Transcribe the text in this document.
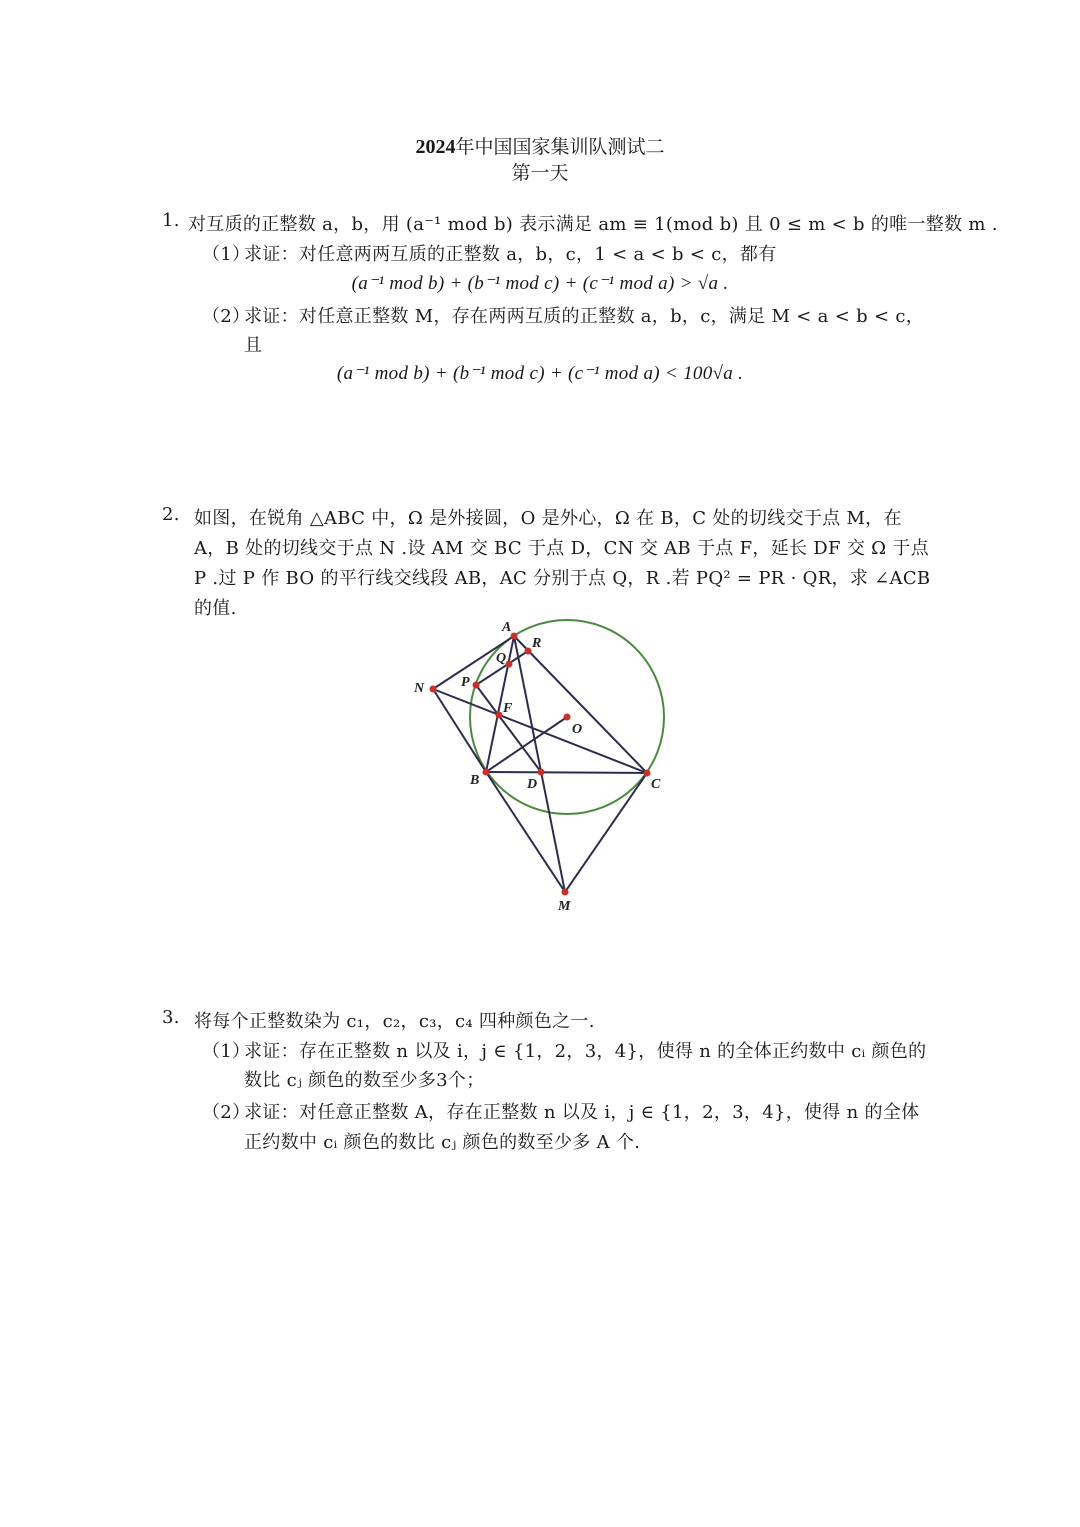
2024年中国国家集训队测试二
第一天
1. 对互质的正整数 a，b，用 (a⁻¹ mod b) 表示满足 am ≡ 1(mod b) 且 0 ≤ m < b 的唯一整数 m .
（1）
求证：对任意两两互质的正整数 a，b，c，1 < a < b < c，都有
(a⁻¹ mod b) + (b⁻¹ mod c) + (c⁻¹ mod a) > √a .
（2）
求证：对任意正整数 M，存在两两互质的正整数 a，b，c，满足 M < a < b < c，
且
(a⁻¹ mod b) + (b⁻¹ mod c) + (c⁻¹ mod a) < 100√a .
2. 如图，在锐角 △ABC 中，Ω 是外接圆，O 是外心，Ω 在 B，C 处的切线交于点 M，在
A，B 处的切线交于点 N .设 AM 交 BC 于点 D，CN 交 AB 于点 F，延长 DF 交 Ω 于点
P .过 P 作 BO 的平行线交线段 AB，AC 分别于点 Q，R .若 PQ² = PR · QR，求 ∠ACB
的值.
A
R
Q
P
N
F
O
B	D	C
M
3. 将每个正整数染为 c₁，c₂，c₃，c₄ 四种颜色之一.
（1）
求证：存在正整数 n 以及 i，j ∈ {1，2，3，4}，使得 n 的全体正约数中 cᵢ 颜色的
数比 cⱼ 颜色的数至少多3个；
（2）
求证：对任意正整数 A，存在正整数 n 以及 i，j ∈ {1，2，3，4}，使得 n 的全体
正约数中 cᵢ 颜色的数比 cⱼ 颜色的数至少多 A 个.
